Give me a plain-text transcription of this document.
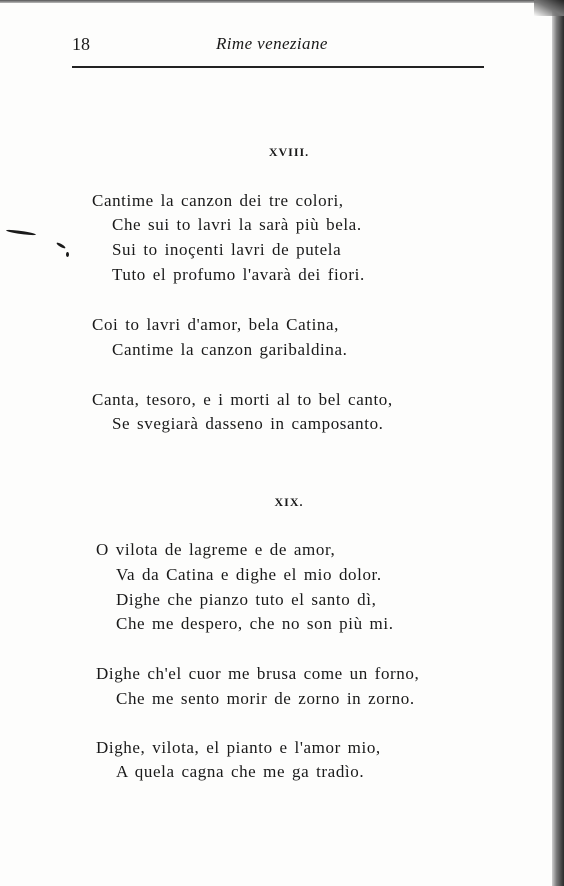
18	Rime veneziane
XVIII.
Cantime la canzon dei tre colori,
Che sui to lavri la sarà più bela.
Sui to inoçenti lavri de putela
Tuto el profumo l'avarà dei fiori.
Coi to lavri d'amor, bela Catina,
Cantime la canzon garibaldina.
Canta, tesoro, e i morti al to bel canto,
Se svegiarà dasseno in camposanto.
XIX.
O vilota de lagreme e de amor,
Va da Catina e dighe el mio dolor.
Dighe che pianzo tuto el santo dì,
Che me despero, che no son più mi.
Dighe ch'el cuor me brusa come un forno,
Che me sento morir de zorno in zorno.
Dighe, vilota, el pianto e l'amor mio,
A quela cagna che me ga tradìo.
